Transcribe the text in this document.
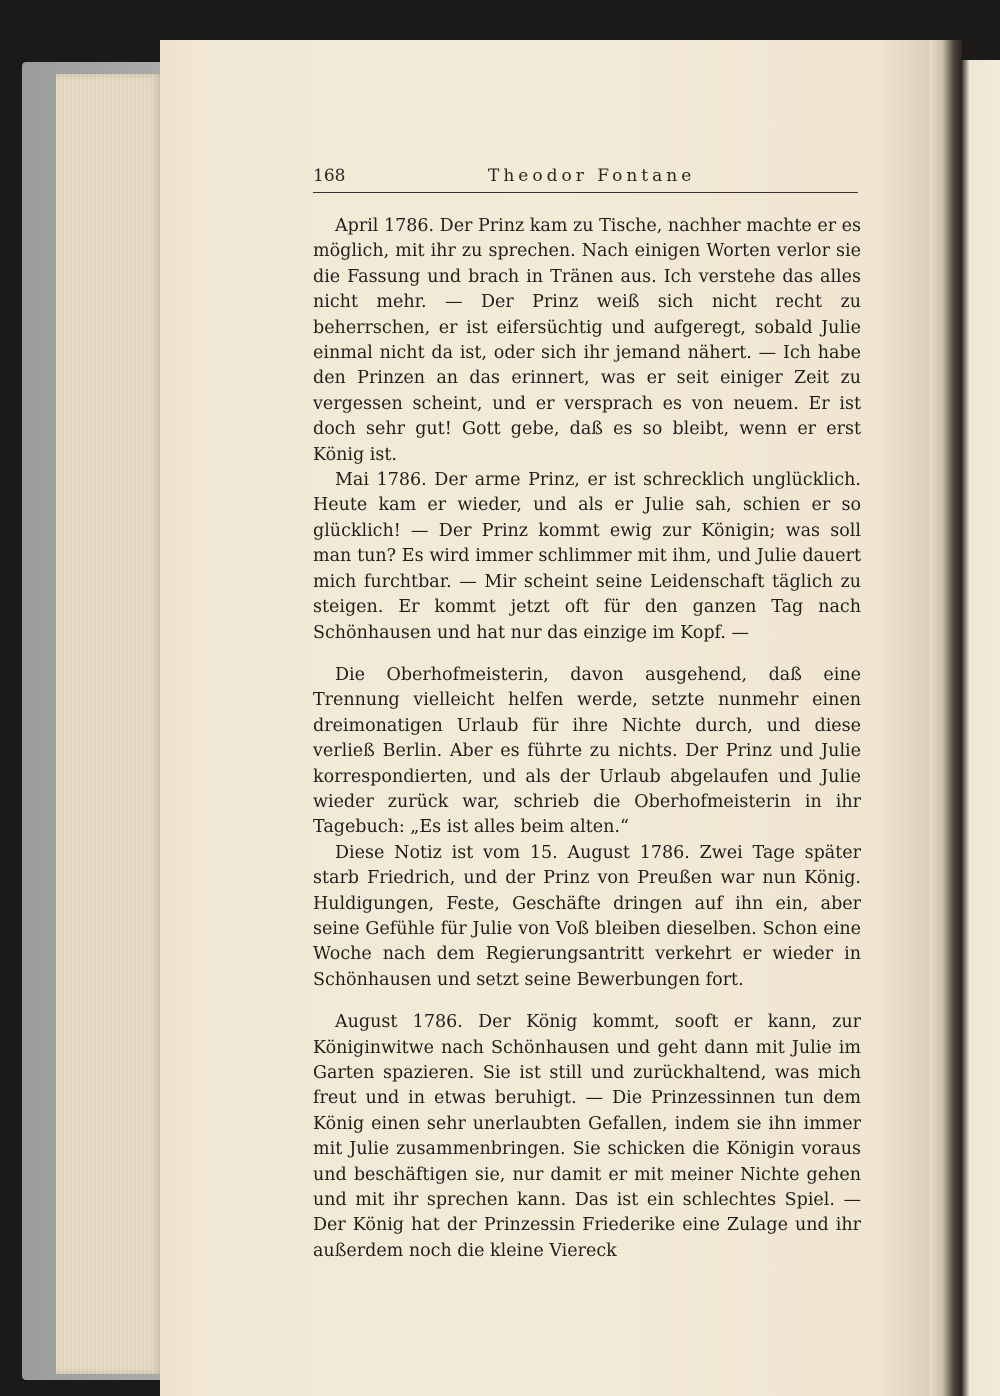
168	Theodor Fontane

April 1786. Der Prinz kam zu Tische, nachher machte er es möglich, mit ihr zu sprechen. Nach einigen Worten verlor sie die Fassung und brach in Tränen aus. Ich verstehe das alles nicht mehr. — Der Prinz weiß sich nicht recht zu beherrschen, er ist eifersüchtig und aufgeregt, sobald Julie einmal nicht da ist, oder sich ihr jemand nähert. — Ich habe den Prinzen an das erinnert, was er seit einiger Zeit zu vergessen scheint, und er versprach es von neuem. Er ist doch sehr gut! Gott gebe, daß es so bleibt, wenn er erst König ist.

Mai 1786. Der arme Prinz, er ist schrecklich unglücklich. Heute kam er wieder, und als er Julie sah, schien er so glücklich! — Der Prinz kommt ewig zur Königin; was soll man tun? Es wird immer schlimmer mit ihm, und Julie dauert mich furchtbar. — Mir scheint seine Leidenschaft täglich zu steigen. Er kommt jetzt oft für den ganzen Tag nach Schönhausen und hat nur das einzige im Kopf. —

Die Oberhofmeisterin, davon ausgehend, daß eine Trennung vielleicht helfen werde, setzte nunmehr einen dreimonatigen Urlaub für ihre Nichte durch, und diese verließ Berlin. Aber es führte zu nichts. Der Prinz und Julie korrespondierten, und als der Urlaub abgelaufen und Julie wieder zurück war, schrieb die Oberhofmeisterin in ihr Tagebuch: „Es ist alles beim alten.“

Diese Notiz ist vom 15. August 1786. Zwei Tage später starb Friedrich, und der Prinz von Preußen war nun König. Huldigungen, Feste, Geschäfte dringen auf ihn ein, aber seine Gefühle für Julie von Voß bleiben dieselben. Schon eine Woche nach dem Regierungsantritt verkehrt er wieder in Schönhausen und setzt seine Bewerbungen fort.

August 1786. Der König kommt, sooft er kann, zur Königinwitwe nach Schönhausen und geht dann mit Julie im Garten spazieren. Sie ist still und zurückhaltend, was mich freut und in etwas beruhigt. — Die Prinzessinnen tun dem König einen sehr unerlaubten Gefallen, indem sie ihn immer mit Julie zusammenbringen. Sie schicken die Königin voraus und beschäftigen sie, nur damit er mit meiner Nichte gehen und mit ihr sprechen kann. Das ist ein schlechtes Spiel. — Der König hat der Prinzessin Friederike eine Zulage und ihr außerdem noch die kleine Viereck
